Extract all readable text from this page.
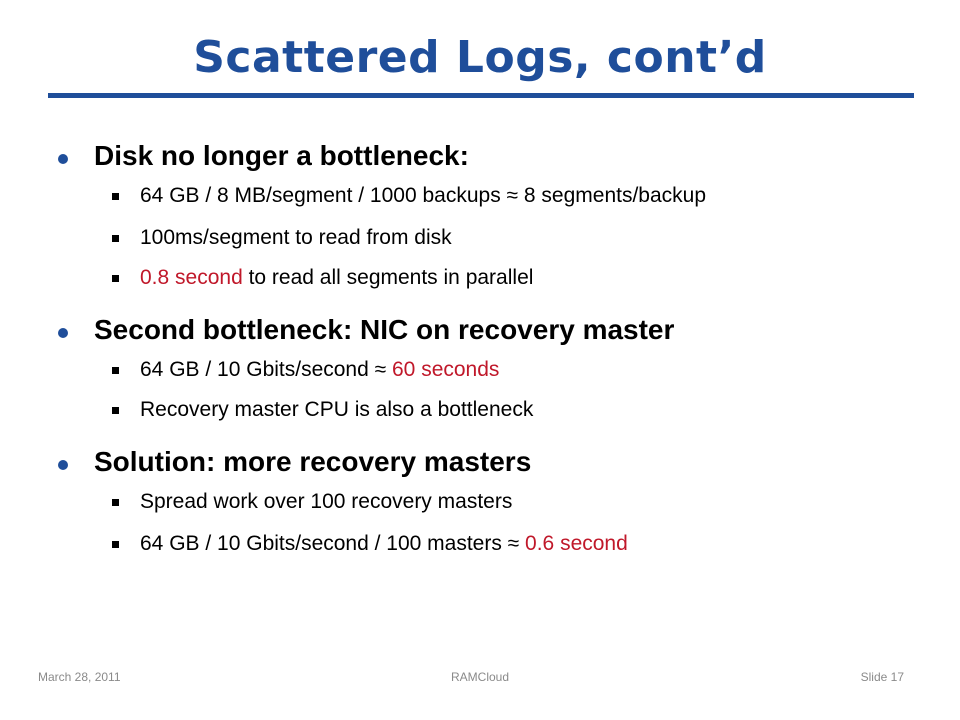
Scattered Logs, cont’d
Disk no longer a bottleneck:
64 GB / 8 MB/segment / 1000 backups ≈ 8 segments/backup
100ms/segment to read from disk
0.8 second to read all segments in parallel
Second bottleneck: NIC on recovery master
64 GB / 10 Gbits/second ≈ 60 seconds
Recovery master CPU is also a bottleneck
Solution: more recovery masters
Spread work over 100 recovery masters
64 GB / 10 Gbits/second / 100 masters ≈ 0.6 second
March 28, 2011	RAMCloud	Slide 17
